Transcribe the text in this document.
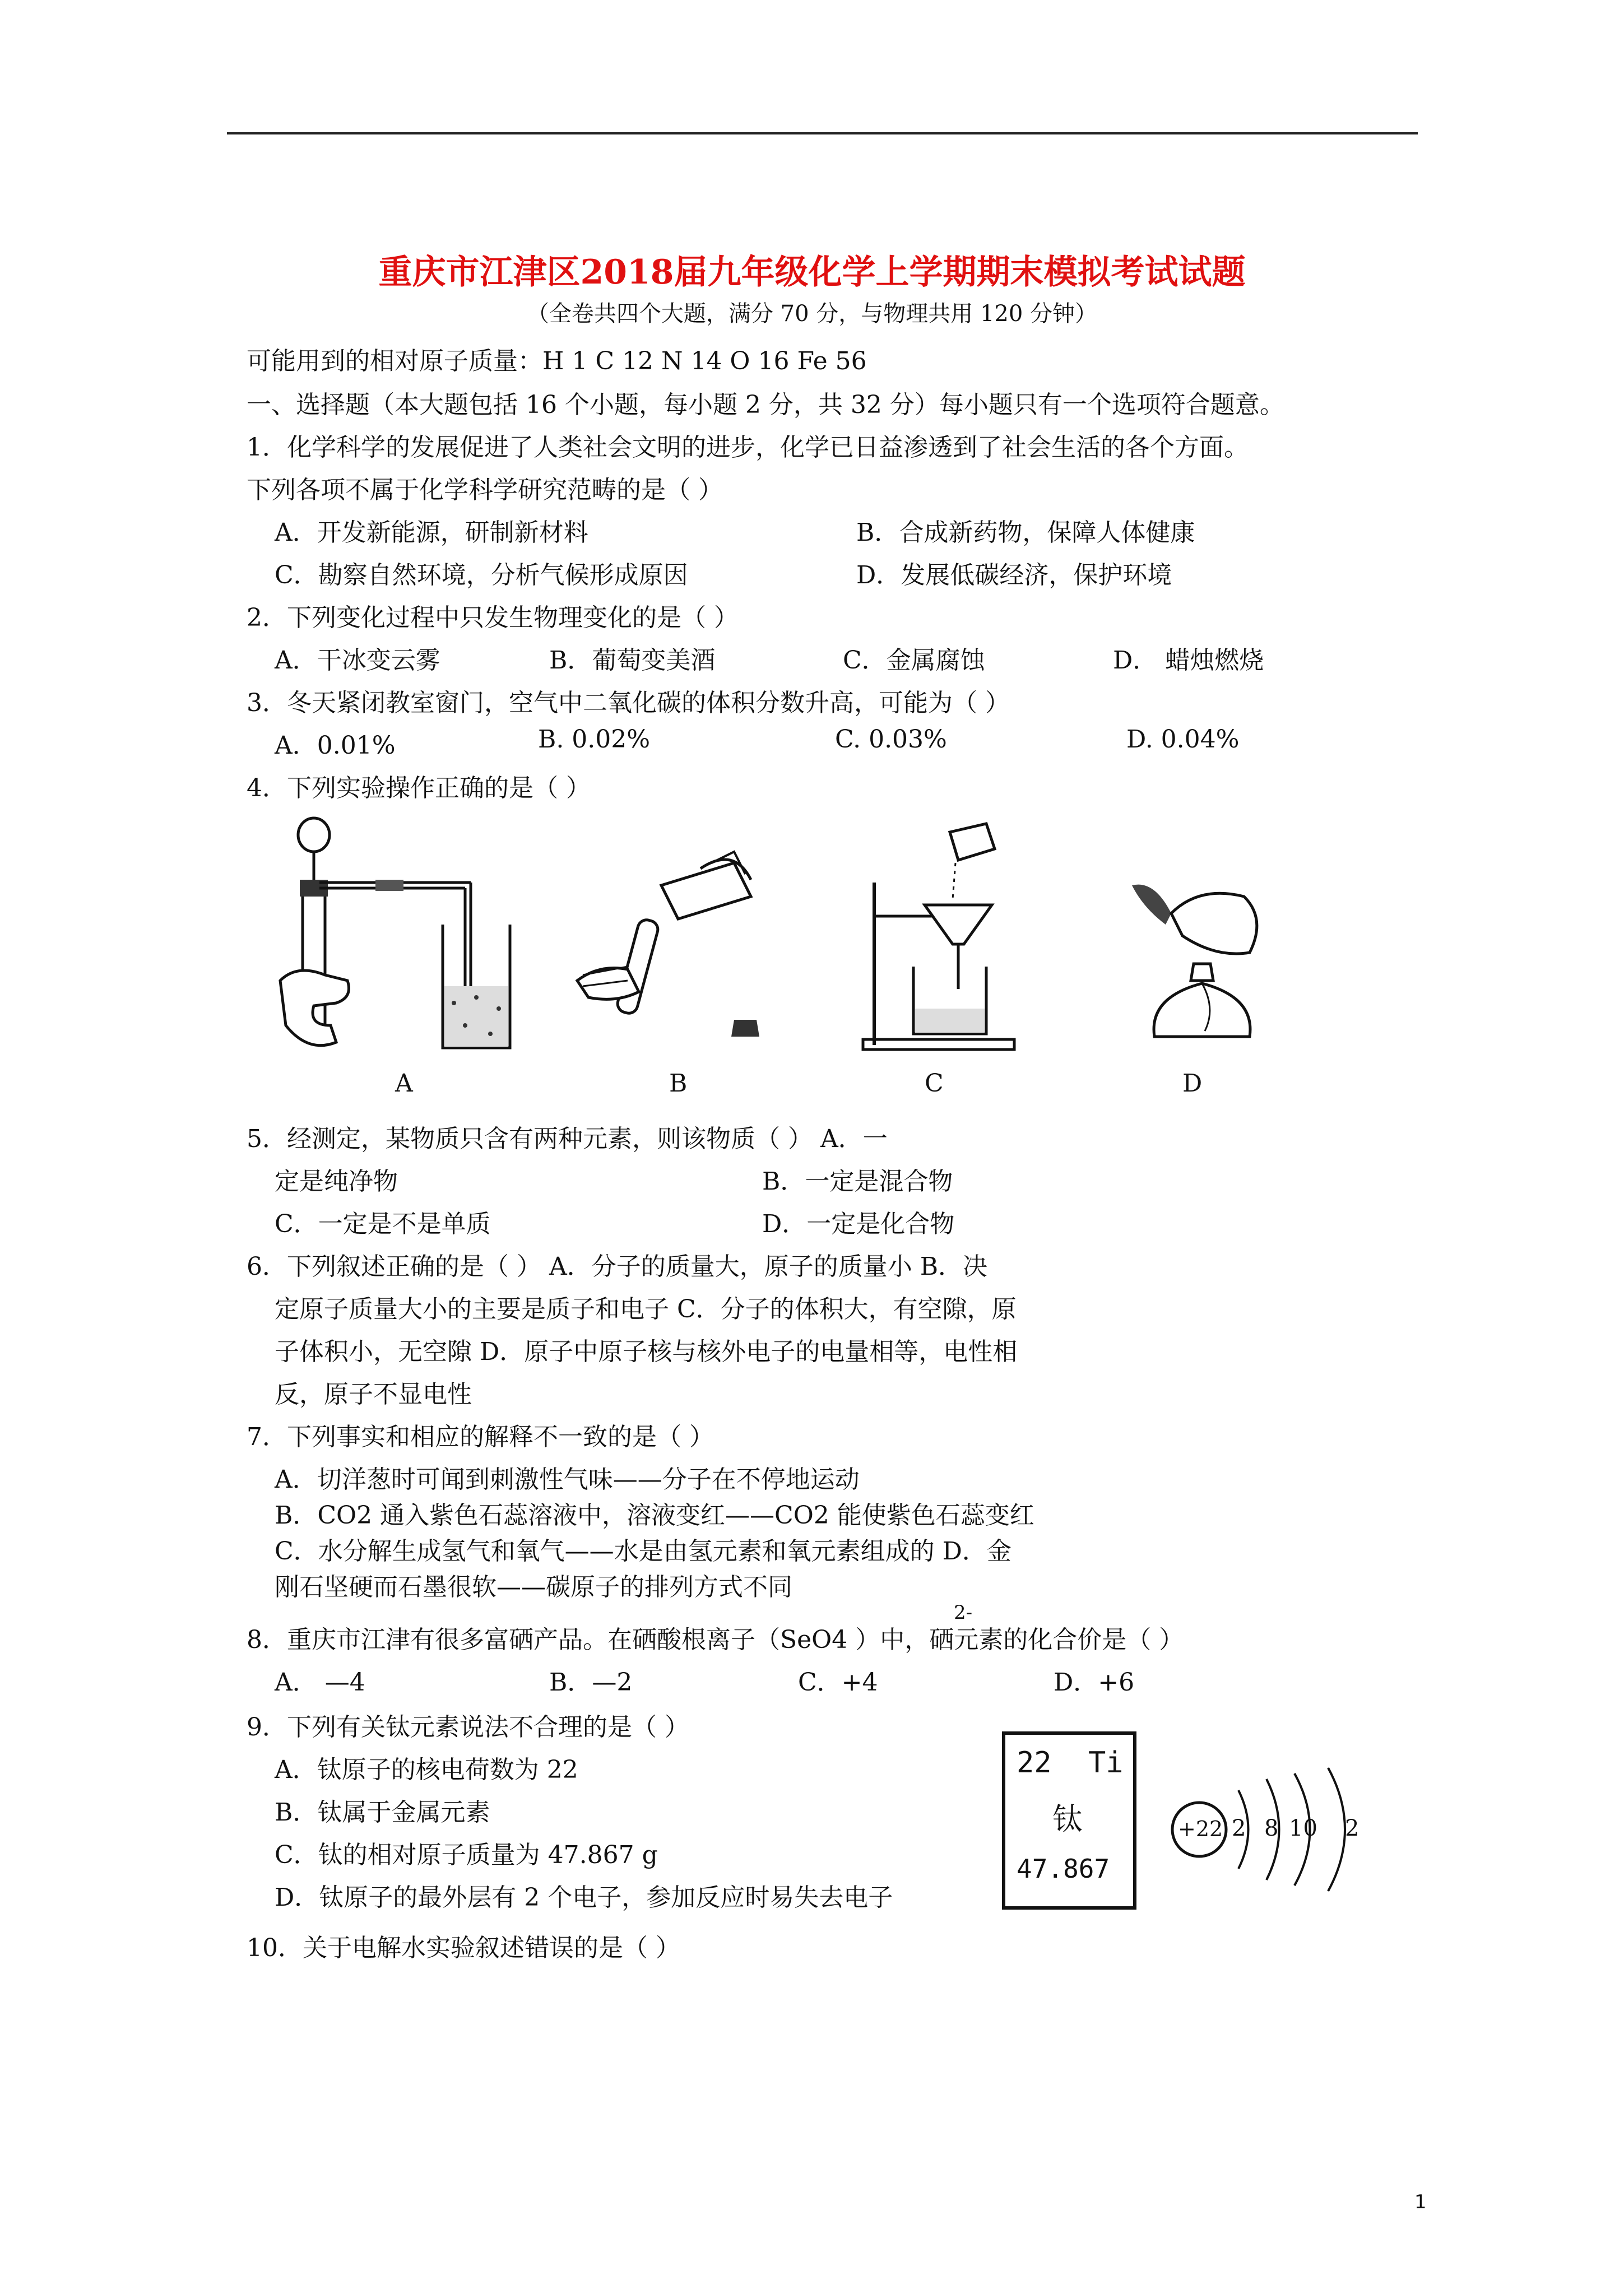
重庆市江津区2018届九年级化学上学期期末模拟考试试题
（全卷共四个大题，满分 70 分，与物理共用 120 分钟）
可能用到的相对原子质量：H 1 C 12 N 14 O 16 Fe 56
一、选择题（本大题包括 16 个小题，每小题 2 分，共 32 分）每小题只有一个选项符合题意。
1．化学科学的发展促进了人类社会文明的进步，化学已日益渗透到了社会生活的各个方面。
下列各项不属于化学科学研究范畴的是（ ）
A．开发新能源，研制新材料	B．合成新药物，保障人体健康
C．勘察自然环境，分析气候形成原因	D．发展低碳经济，保护环境
2．下列变化过程中只发生物理变化的是（ ）
A．干冰变云雾	B．葡萄变美酒	C．金属腐蚀	D． 蜡烛燃烧
3．冬天紧闭教室窗门，空气中二氧化碳的体积分数升高，可能为（ ）
A．0.01%	B. 0.02%	C. 0.03%	D. 0.04%
4．下列实验操作正确的是（ ）
A	B	C	D
5．经测定，某物质只含有两种元素，则该物质（ ） A．一
定是纯净物	B．一定是混合物
C．一定是不是单质	D．一定是化合物
6．下列叙述正确的是（ ） A．分子的质量大，原子的质量小 B．决
定原子质量大小的主要是质子和电子 C．分子的体积大，有空隙，原
子体积小，无空隙 D．原子中原子核与核外电子的电量相等，电性相
反，原子不显电性
7．下列事实和相应的解释不一致的是（ ）
A．切洋葱时可闻到刺激性气味——分子在不停地运动
B．CO2 通入紫色石蕊溶液中，溶液变红——CO2 能使紫色石蕊变红
C．水分解生成氢气和氧气——水是由氢元素和氧元素组成的 D．金
刚石坚硬而石墨很软——碳原子的排列方式不同
8．重庆市江津有很多富硒产品。在硒酸根离子（SeO4 ）中，硒元素的化合价是（ ）
2-
A． —4	B．—2	C．+4	D．+6
9．下列有关钛元素说法不合理的是（ ）
A．钛原子的核电荷数为 22
B．钛属于金属元素
C．钛的相对原子质量为 47.867 g
D．钛原子的最外层有 2 个电子，参加反应时易失去电子
22 Ti
钛
47.867
+22 2 8 10 2
10．关于电解水实验叙述错误的是（ ）
1
